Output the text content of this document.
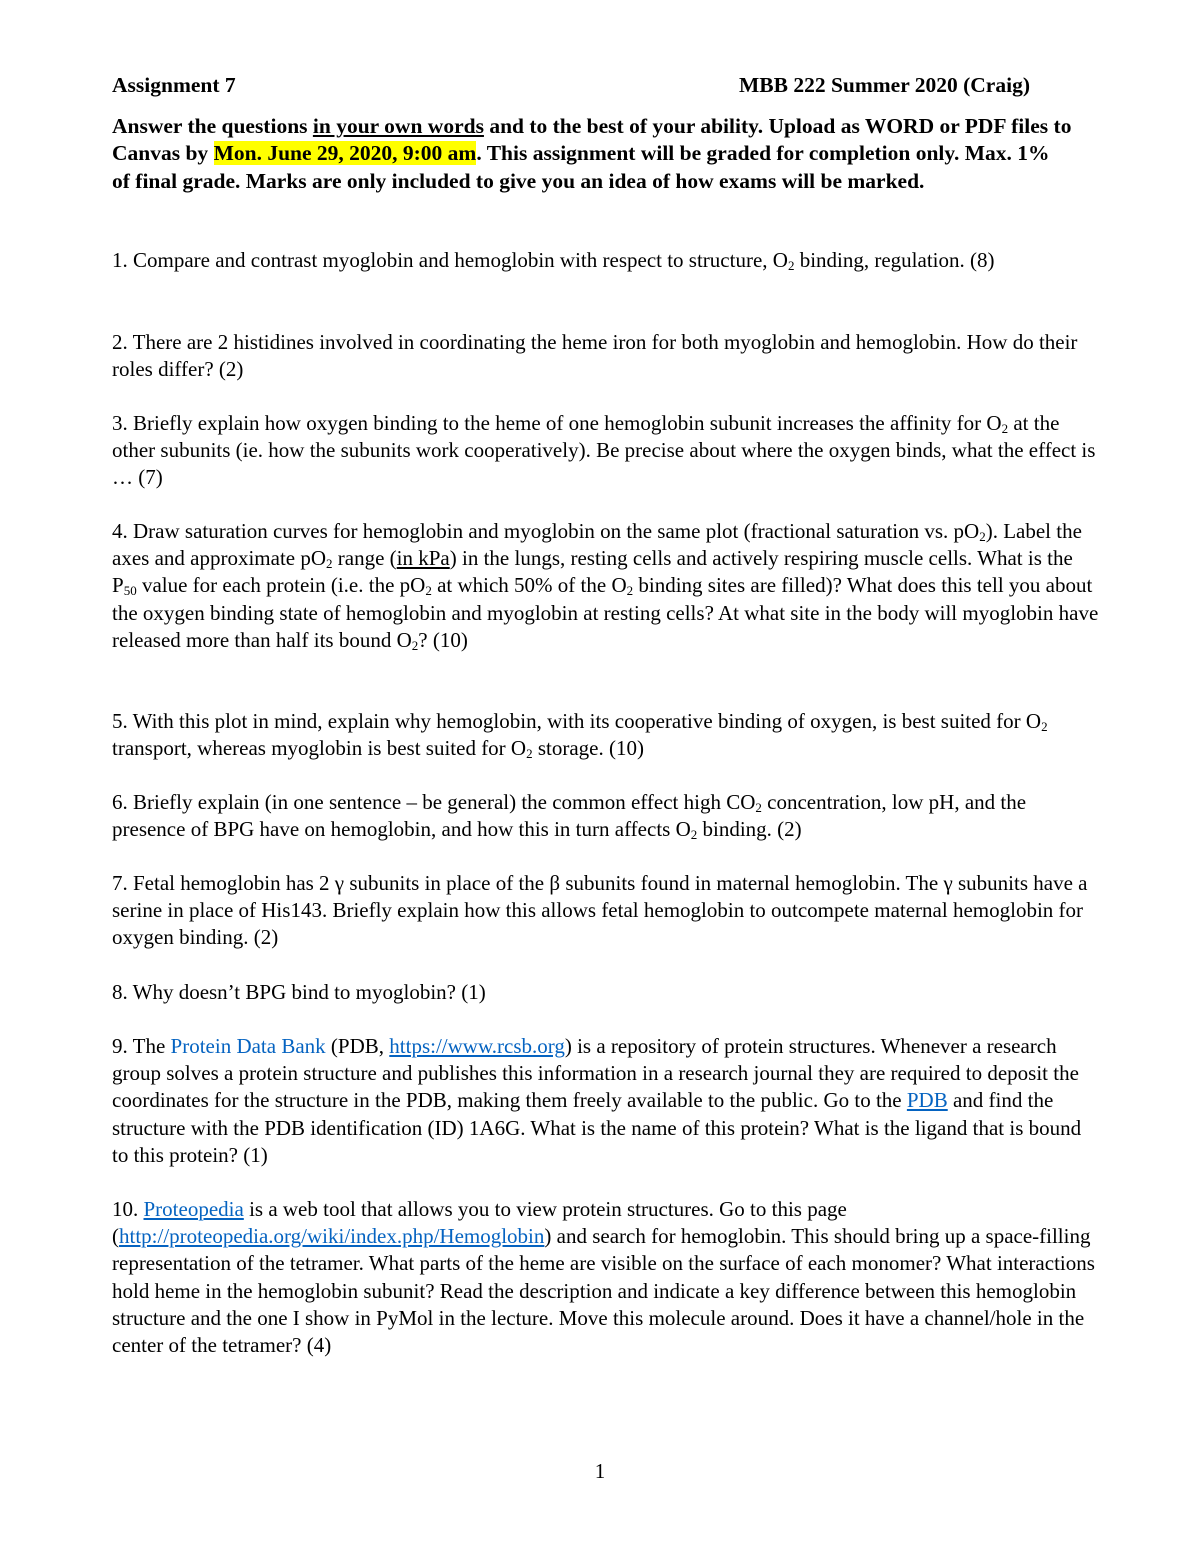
Assignment 7	MBB 222 Summer 2020 (Craig)
Answer the questions in your own words and to the best of your ability. Upload as WORD or PDF files to Canvas by Mon. June 29, 2020, 9:00 am. This assignment will be graded for completion only. Max. 1% of final grade. Marks are only included to give you an idea of how exams will be marked.
1. Compare and contrast myoglobin and hemoglobin with respect to structure, $O_2$ binding, regulation. (8)
2. There are 2 histidines involved in coordinating the heme iron for both myoglobin and hemoglobin. How do their roles differ? (2)
3. Briefly explain how oxygen binding to the heme of one hemoglobin subunit increases the affinity for $O_2$ at the other subunits (ie. how the subunits work cooperatively). Be precise about where the oxygen binds, what the effect is … (7)
4. Draw saturation curves for hemoglobin and myoglobin on the same plot (fractional saturation vs. $pO_2$). Label the axes and approximate $pO_2$ range (in kPa) in the lungs, resting cells and actively respiring muscle cells. What is the $P_{50}$ value for each protein (i.e. the $pO_2$ at which 50% of the $O_2$ binding sites are filled)? What does this tell you about the oxygen binding state of hemoglobin and myoglobin at resting cells? At what site in the body will myoglobin have released more than half its bound $O_2$? (10)
5. With this plot in mind, explain why hemoglobin, with its cooperative binding of oxygen, is best suited for $O_2$ transport, whereas myoglobin is best suited for $O_2$ storage. (10)
6. Briefly explain (in one sentence – be general) the common effect high $CO_2$ concentration, low pH, and the presence of BPG have on hemoglobin, and how this in turn affects $O_2$ binding. (2)
7. Fetal hemoglobin has 2 γ subunits in place of the β subunits found in maternal hemoglobin. The γ subunits have a serine in place of His143. Briefly explain how this allows fetal hemoglobin to outcompete maternal hemoglobin for oxygen binding. (2)
8. Why doesn’t BPG bind to myoglobin? (1)
9. The Protein Data Bank (PDB, https://www.rcsb.org) is a repository of protein structures. Whenever a research group solves a protein structure and publishes this information in a research journal they are required to deposit the coordinates for the structure in the PDB, making them freely available to the public. Go to the PDB and find the structure with the PDB identification (ID) 1A6G. What is the name of this protein? What is the ligand that is bound to this protein? (1)
10. Proteopedia is a web tool that allows you to view protein structures. Go to this page (http://proteopedia.org/wiki/index.php/Hemoglobin) and search for hemoglobin. This should bring up a space-filling representation of the tetramer. What parts of the heme are visible on the surface of each monomer? What interactions hold heme in the hemoglobin subunit? Read the description and indicate a key difference between this hemoglobin structure and the one I show in PyMol in the lecture. Move this molecule around. Does it have a channel/hole in the center of the tetramer? (4)
1
